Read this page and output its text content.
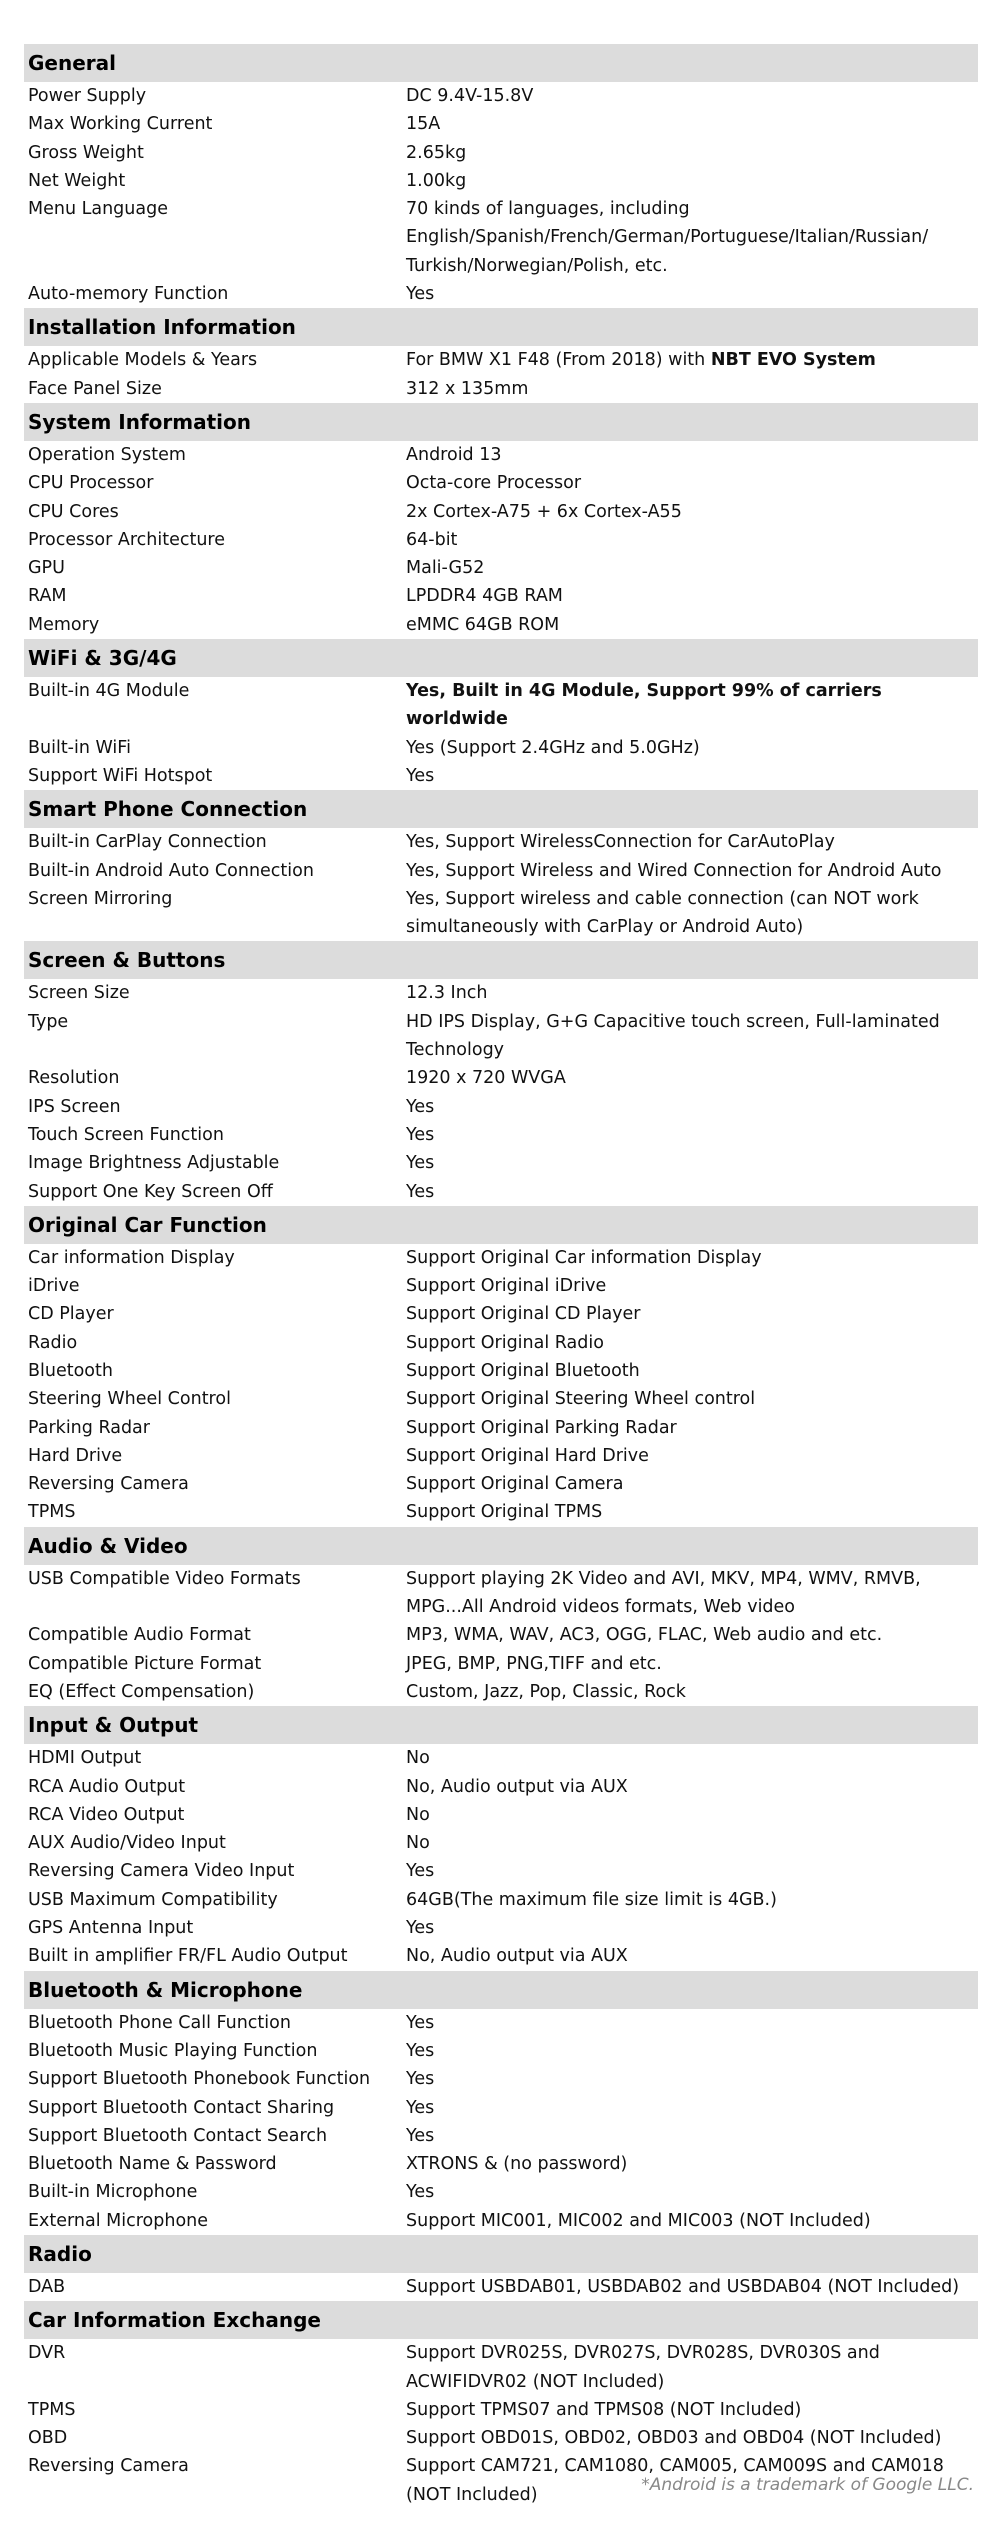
General
Power Supply	DC 9.4V-15.8V
Max Working Current	15A
Gross Weight	2.65kg
Net Weight	1.00kg
Menu Language	70 kinds of languages, including English/Spanish/French/German/Portuguese/Italian/Russian/ Turkish/Norwegian/Polish, etc.
Auto-memory Function	Yes
Installation Information
Applicable Models & Years	For BMW X1 F48 (From 2018) with NBT EVO System
Face Panel Size	312 x 135mm
System Information
Operation System	Android 13
CPU Processor	Octa-core Processor
CPU Cores	2x Cortex-A75 + 6x Cortex-A55
Processor Architecture	64-bit
GPU	Mali-G52
RAM	LPDDR4 4GB RAM
Memory	eMMC 64GB ROM
WiFi & 3G/4G
Built-in 4G Module	Yes, Built in 4G Module, Support 99% of carriers worldwide
Built-in WiFi	Yes (Support 2.4GHz and 5.0GHz)
Support WiFi Hotspot	Yes
Smart Phone Connection
Built-in CarPlay Connection	Yes, Support WirelessConnection for CarAutoPlay
Built-in Android Auto Connection	Yes, Support Wireless and Wired Connection for Android Auto
Screen Mirroring	Yes, Support wireless and cable connection (can NOT work simultaneously with CarPlay or Android Auto)
Screen & Buttons
Screen Size	12.3 Inch
Type	HD IPS Display, G+G Capacitive touch screen, Full-laminated Technology
Resolution	1920 x 720 WVGA
IPS Screen	Yes
Touch Screen Function	Yes
Image Brightness Adjustable	Yes
Support One Key Screen Off	Yes
Original Car Function
Car information Display	Support Original Car information Display
iDrive	Support Original iDrive
CD Player	Support Original CD Player
Radio	Support Original Radio
Bluetooth	Support Original Bluetooth
Steering Wheel Control	Support Original Steering Wheel control
Parking Radar	Support Original Parking Radar
Hard Drive	Support Original Hard Drive
Reversing Camera	Support Original Camera
TPMS	Support Original TPMS
Audio & Video
USB Compatible Video Formats	Support playing 2K Video and AVI, MKV, MP4, WMV, RMVB, MPG...All Android videos formats, Web video
Compatible Audio Format	MP3, WMA, WAV, AC3, OGG, FLAC, Web audio and etc.
Compatible Picture Format	JPEG, BMP, PNG,TIFF and etc.
EQ (Effect Compensation)	Custom, Jazz, Pop, Classic, Rock
Input & Output
HDMI Output	No
RCA Audio Output	No, Audio output via AUX
RCA Video Output	No
AUX Audio/Video Input	No
Reversing Camera Video Input	Yes
USB Maximum Compatibility	64GB(The maximum file size limit is 4GB.)
GPS Antenna Input	Yes
Built in amplifier FR/FL Audio Output	No, Audio output via AUX
Bluetooth & Microphone
Bluetooth Phone Call Function	Yes
Bluetooth Music Playing Function	Yes
Support Bluetooth Phonebook Function	Yes
Support Bluetooth Contact Sharing	Yes
Support Bluetooth Contact Search	Yes
Bluetooth Name & Password	XTRONS & (no password)
Built-in Microphone	Yes
External Microphone	Support MIC001, MIC002 and MIC003 (NOT Included)
Radio
DAB	Support USBDAB01, USBDAB02 and USBDAB04 (NOT Included)
Car Information Exchange
DVR	Support DVR025S, DVR027S, DVR028S, DVR030S and ACWIFIDVR02 (NOT Included)
TPMS	Support TPMS07 and TPMS08 (NOT Included)
OBD	Support OBD01S, OBD02, OBD03 and OBD04 (NOT Included)
Reversing Camera	Support CAM721, CAM1080, CAM005, CAM009S and CAM018 (NOT Included)	*Android is a trademark of Google LLC.
